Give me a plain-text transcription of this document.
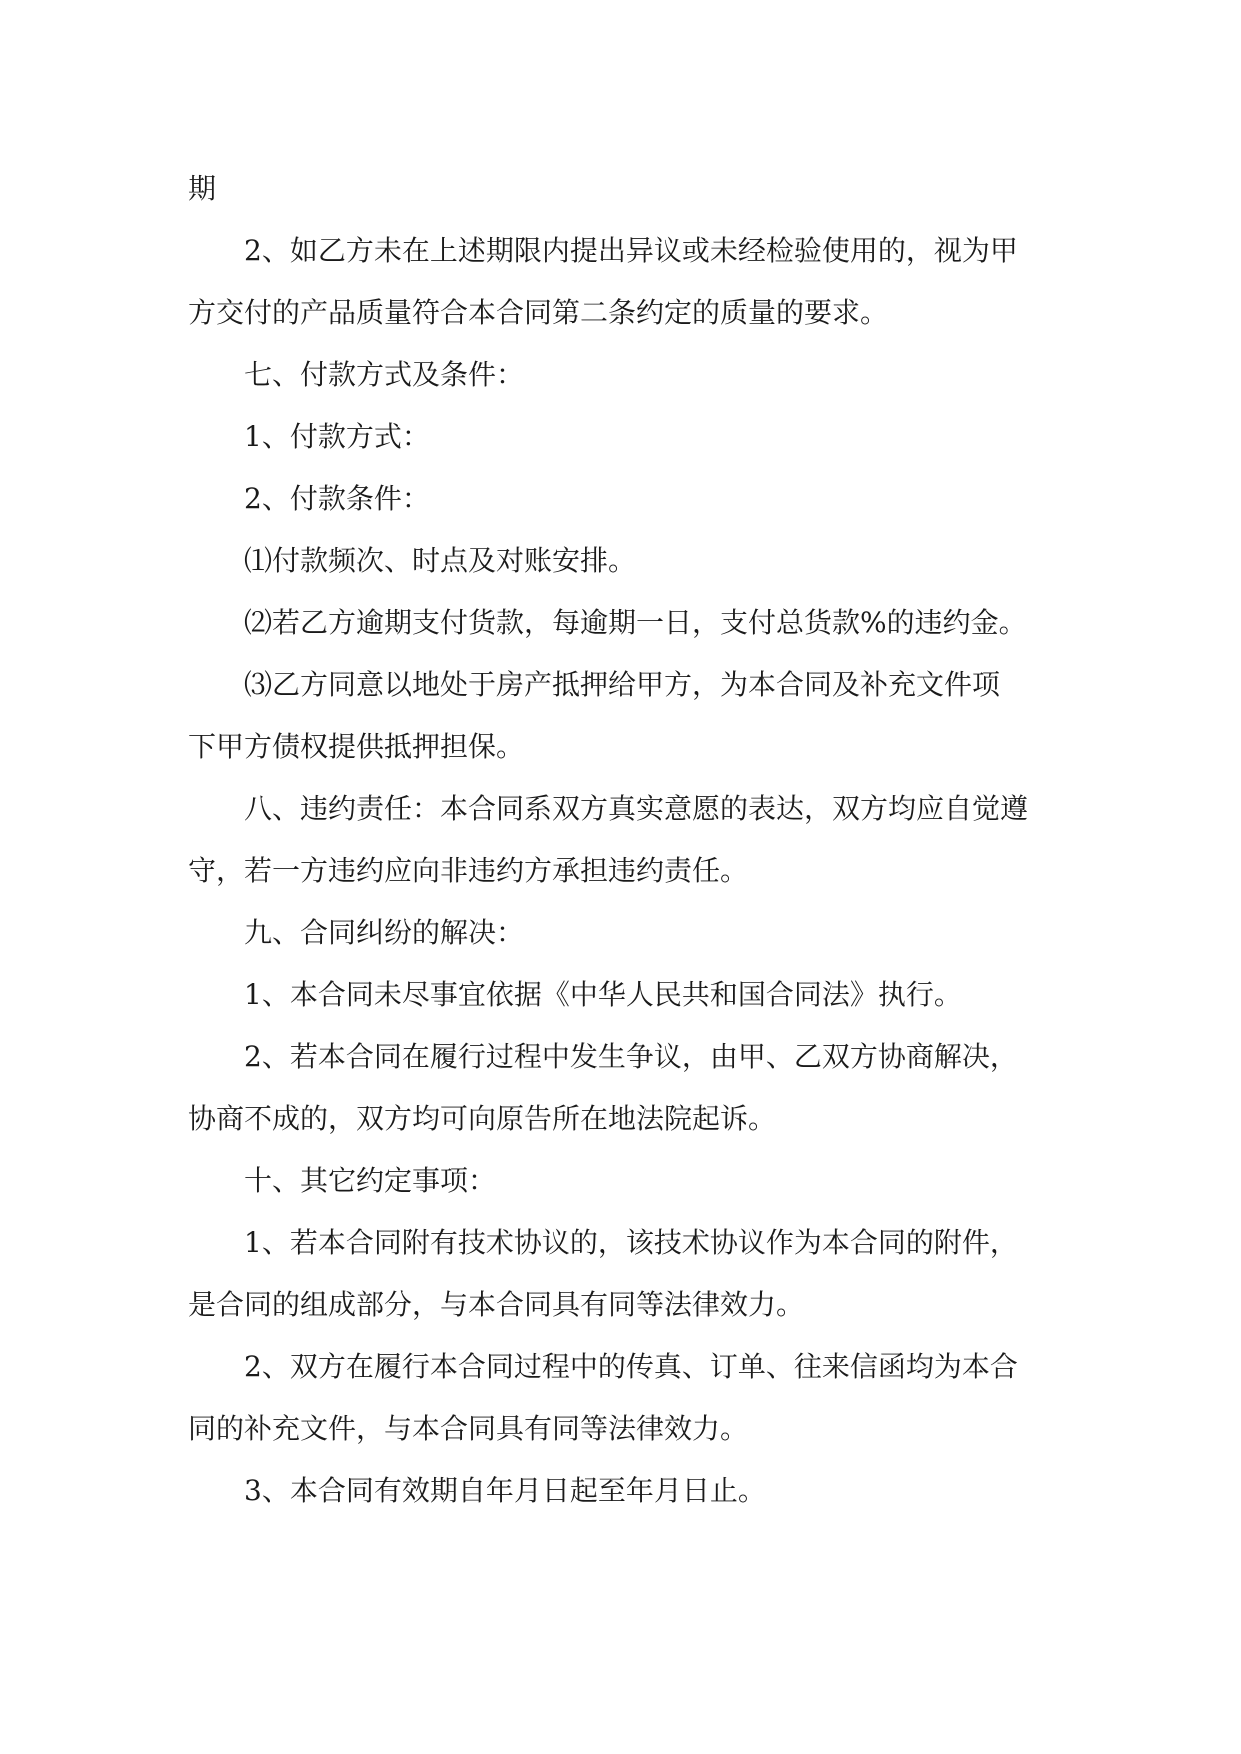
期
2、如乙方未在上述期限内提出异议或未经检验使用的，视为甲
方交付的产品质量符合本合同第二条约定的质量的要求。
七、付款方式及条件：
1、付款方式：
2、付款条件：
⑴付款频次、时点及对账安排。
⑵若乙方逾期支付货款，每逾期一日，支付总货款%的违约金。
⑶乙方同意以地处于房产抵押给甲方，为本合同及补充文件项
下甲方债权提供抵押担保。
八、违约责任：本合同系双方真实意愿的表达，双方均应自觉遵
守，若一方违约应向非违约方承担违约责任。
九、合同纠纷的解决：
1、本合同未尽事宜依据《中华人民共和国合同法》执行。
2、若本合同在履行过程中发生争议，由甲、乙双方协商解决，
协商不成的，双方均可向原告所在地法院起诉。
十、其它约定事项：
1、若本合同附有技术协议的，该技术协议作为本合同的附件，
是合同的组成部分，与本合同具有同等法律效力。
2、双方在履行本合同过程中的传真、订单、往来信函均为本合
同的补充文件，与本合同具有同等法律效力。
3、本合同有效期自年月日起至年月日止。
